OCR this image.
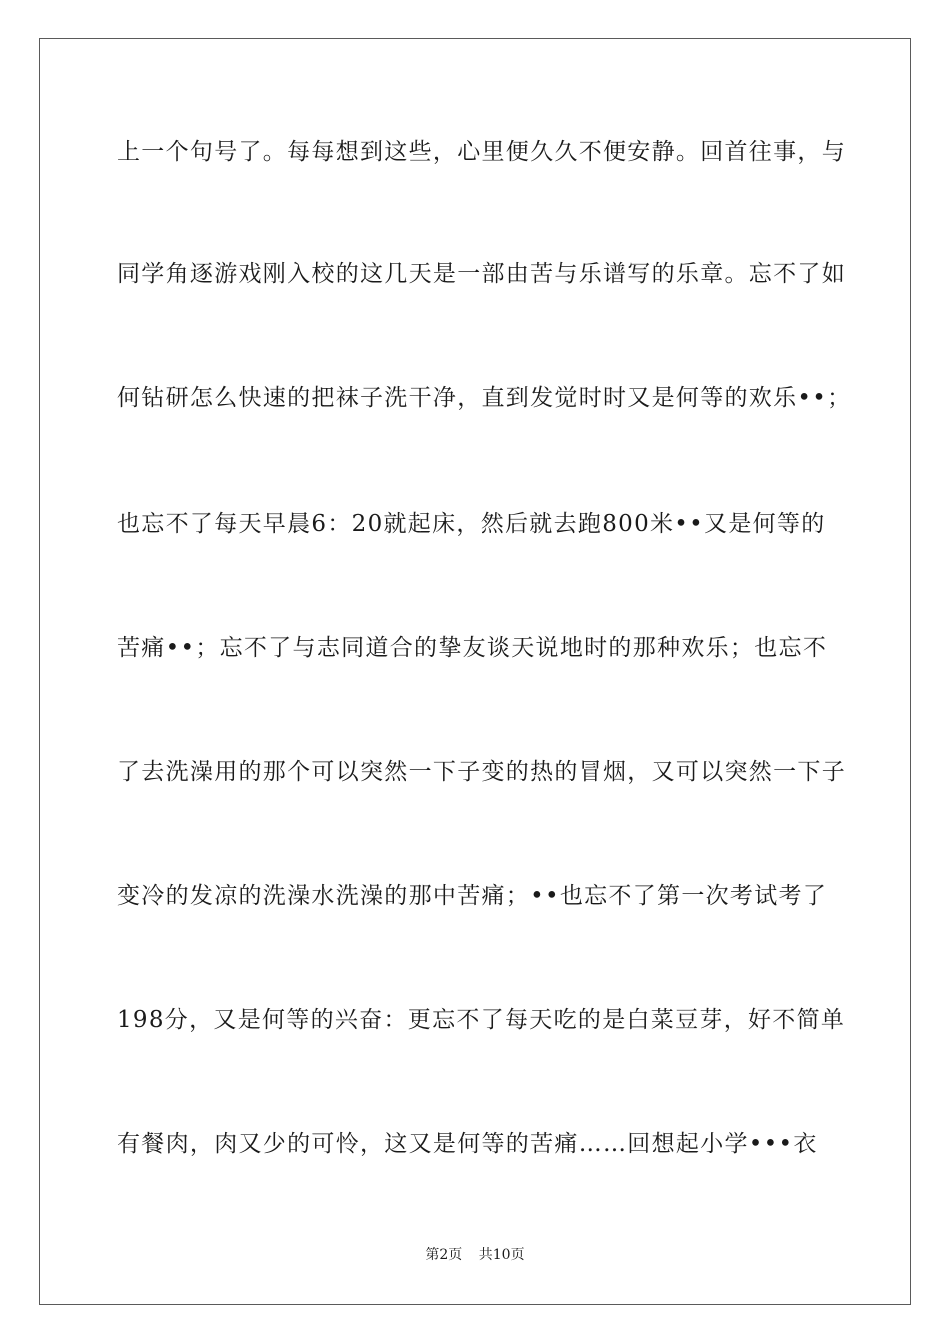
上一个句号了。每每想到这些，心里便久久不便安静。回首往事，与
同学角逐游戏刚入校的这几天是一部由苦与乐谱写的乐章。忘不了如
何钻研怎么快速的把袜子洗干净，直到发觉时时又是何等的欢乐••；
也忘不了每天早晨6：20就起床，然后就去跑800米••又是何等的
苦痛••；忘不了与志同道合的挚友谈天说地时的那种欢乐；也忘不
了去洗澡用的那个可以突然一下子变的热的冒烟，又可以突然一下子
变冷的发凉的洗澡水洗澡的那中苦痛；••也忘不了第一次考试考了
198分，又是何等的兴奋：更忘不了每天吃的是白菜豆芽，好不简单
有餐肉，肉又少的可怜，这又是何等的苦痛……回想起小学•••衣
第2页 共10页
